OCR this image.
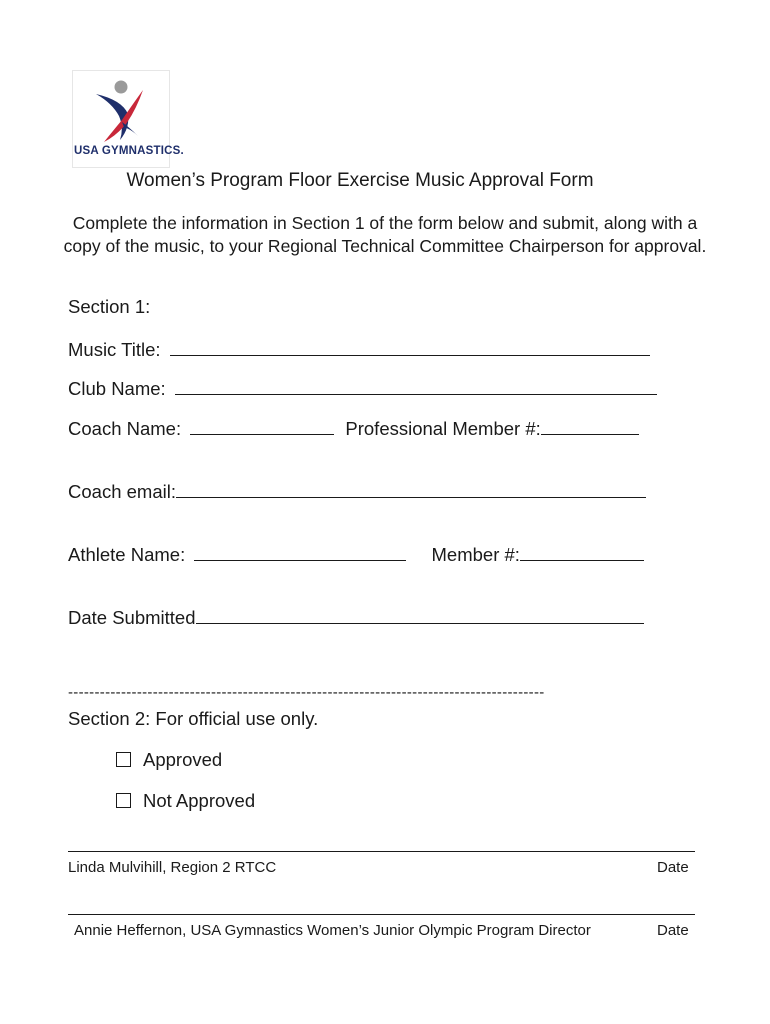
USA GYMNASTICS.
Women’s Program Floor Exercise Music Approval Form
Complete the information in Section 1 of the form below and submit, along with a copy of the music, to your Regional Technical Committee Chairperson for approval.
Section 1:
Music Title:
Club Name:
Coach Name:	Professional Member #:
Coach email:
Athlete Name:	Member #:
Date Submitted
------------------------------------------------------------------------------------------
Section 2: For official use only.
Approved
Not Approved
Linda Mulvihill, Region 2 RTCC	Date
Annie Heffernon, USA Gymnastics Women’s Junior Olympic Program Director	Date
